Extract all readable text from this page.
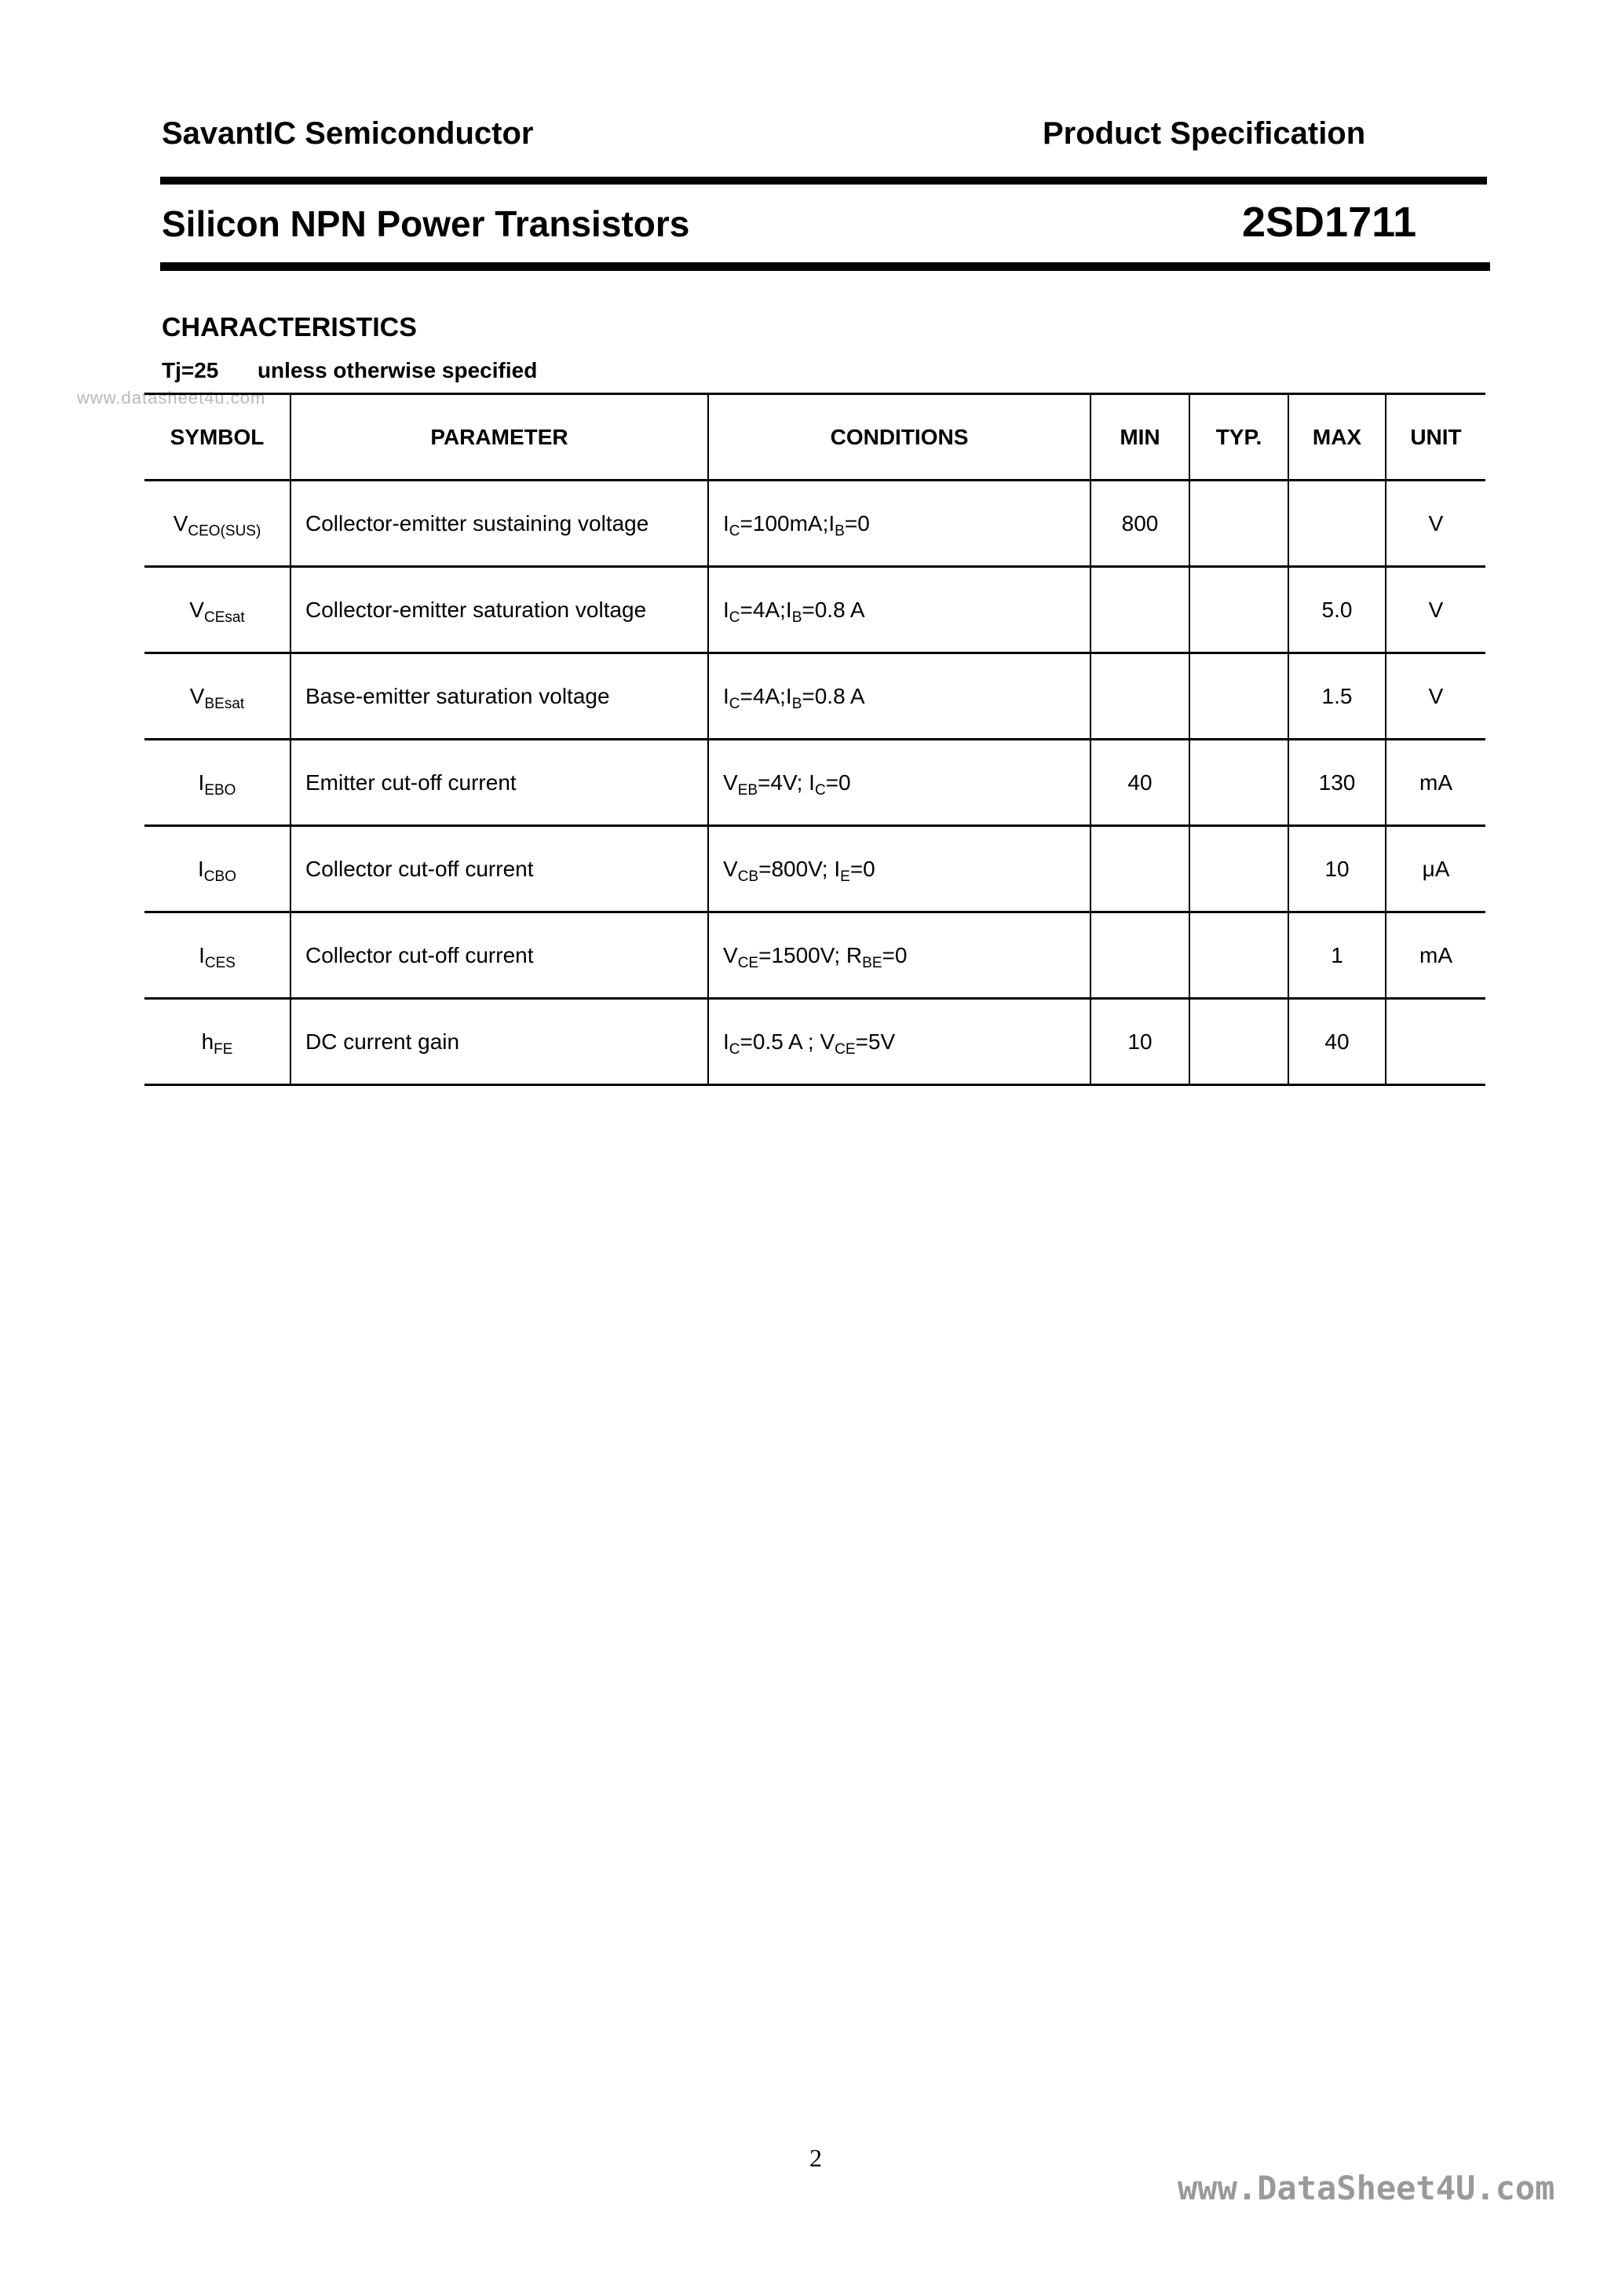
SavantIC Semiconductor	Product Specification
Silicon NPN Power Transistors	2SD1711
CHARACTERISTICS
Tj=25 unless otherwise specified
www.datasheet4u.com
SYMBOL	PARAMETER	CONDITIONS	MIN	TYP.	MAX	UNIT
$V_{CEO(SUS)}$	Collector-emitter sustaining voltage	$I_C=100mA;I_B=0$	800			V
$V_{CEsat}$	Collector-emitter saturation voltage	$I_C=4A;I_B=0.8$ A			5.0	V
$V_{BEsat}$	Base-emitter saturation voltage	$I_C=4A;I_B=0.8$ A			1.5	V
$I_{EBO}$	Emitter cut-off current	$V_{EB}=4V$; $I_C=0$	40		130	mA
$I_{CBO}$	Collector cut-off current	$V_{CB}=800V$; $I_E=0$			10	μA
$I_{CES}$	Collector cut-off current	$V_{CE}=1500V$; $R_{BE}=0$			1	mA
$h_{FE}$	DC current gain	$I_C=0.5$ A ; $V_{CE}=5V$	10		40	
2
www.DataSheet4U.com
